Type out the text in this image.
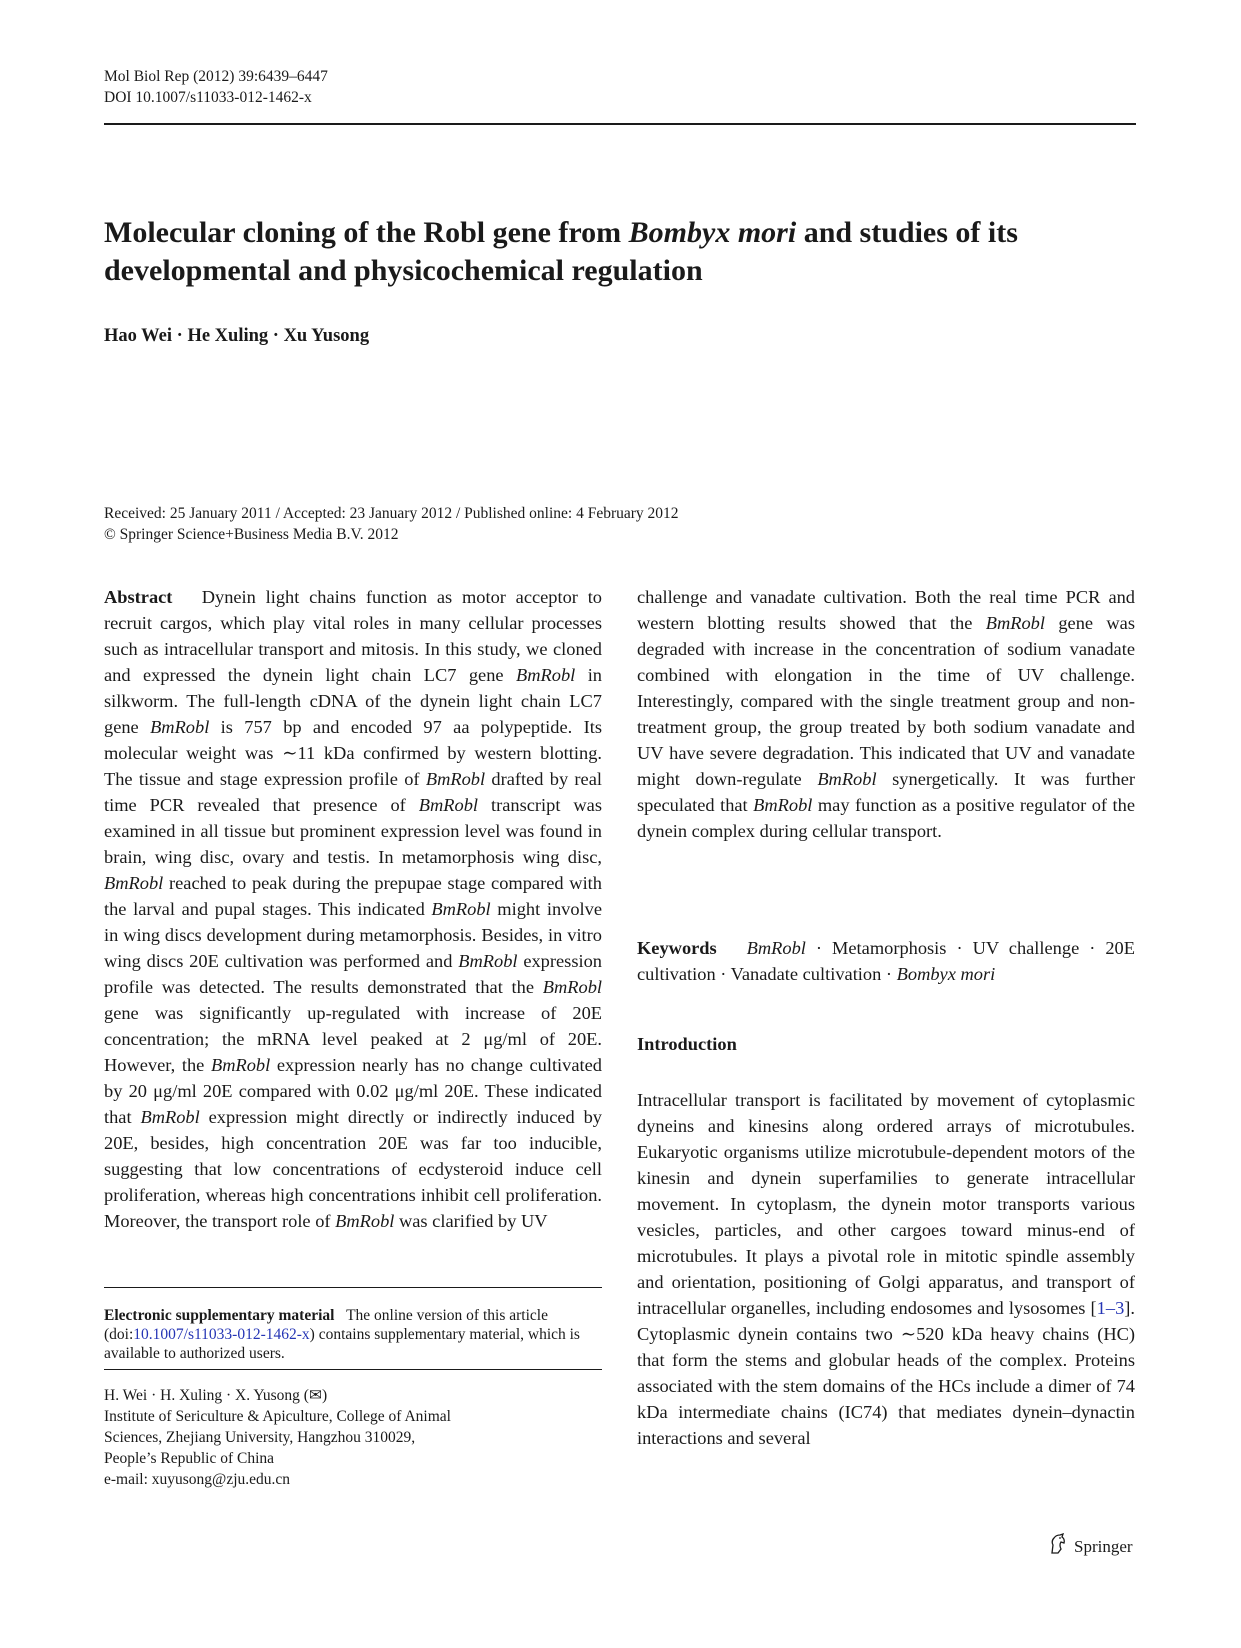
Mol Biol Rep (2012) 39:6439–6447
DOI 10.1007/s11033-012-1462-x
Molecular cloning of the Robl gene from Bombyx mori and studies of its developmental and physicochemical regulation
Hao Wei · He Xuling · Xu Yusong
Received: 25 January 2011 / Accepted: 23 January 2012 / Published online: 4 February 2012
© Springer Science+Business Media B.V. 2012

Abstract Dynein light chains function as motor acceptor to recruit cargos, which play vital roles in many cellular processes such as intracellular transport and mitosis. In this study, we cloned and expressed the dynein light chain LC7 gene BmRobl in silkworm. The full-length cDNA of the dynein light chain LC7 gene BmRobl is 757 bp and encoded 97 aa polypeptide. Its molecular weight was ∼11 kDa confirmed by western blotting. The tissue and stage expression profile of BmRobl drafted by real time PCR revealed that presence of BmRobl transcript was examined in all tissue but prominent expression level was found in brain, wing disc, ovary and testis. In metamorphosis wing disc, BmRobl reached to peak during the prepupae stage compared with the larval and pupal stages. This indicated BmRobl might involve in wing discs development during metamorphosis. Besides, in vitro wing discs 20E cultivation was performed and BmRobl expression profile was detected. The results demonstrated that the BmRobl gene was significantly up-regulated with increase of 20E concentration; the mRNA level peaked at 2 μg/ml of 20E. However, the BmRobl expression nearly has no change cultivated by 20 μg/ml 20E compared with 0.02 μg/ml 20E. These indicated that BmRobl expression might directly or indirectly induced by 20E, besides, high concentration 20E was far too inducible, suggesting that low concentrations of ecdysteroid induce cell proliferation, whereas high concentrations inhibit cell proliferation. Moreover, the transport role of BmRobl was clarified by UV

Electronic supplementary material The online version of this article (doi:10.1007/s11033-012-1462-x) contains supplementary material, which is available to authorized users.
H. Wei · H. Xuling · X. Yusong (✉)
Institute of Sericulture & Apiculture, College of Animal
Sciences, Zhejiang University, Hangzhou 310029,
People’s Republic of China
e-mail: xuyusong@zju.edu.cn

challenge and vanadate cultivation. Both the real time PCR and western blotting results showed that the BmRobl gene was degraded with increase in the concentration of sodium vanadate combined with elongation in the time of UV challenge. Interestingly, compared with the single treatment group and non-treatment group, the group treated by both sodium vanadate and UV have severe degradation. This indicated that UV and vanadate might down-regulate BmRobl synergetically. It was further speculated that BmRobl may function as a positive regulator of the dynein complex during cellular transport.

Keywords BmRobl · Metamorphosis · UV challenge · 20E cultivation · Vanadate cultivation · Bombyx mori
Introduction
Intracellular transport is facilitated by movement of cytoplasmic dyneins and kinesins along ordered arrays of microtubules. Eukaryotic organisms utilize microtubule-dependent motors of the kinesin and dynein superfamilies to generate intracellular movement. In cytoplasm, the dynein motor transports various vesicles, particles, and other cargoes toward minus-end of microtubules. It plays a pivotal role in mitotic spindle assembly and orientation, positioning of Golgi apparatus, and transport of intracellular organelles, including endosomes and lysosomes [1–3]. Cytoplasmic dynein contains two ∼520 kDa heavy chains (HC) that form the stems and globular heads of the complex. Proteins associated with the stem domains of the HCs include a dimer of 74 kDa intermediate chains (IC74) that mediates dynein–dynactin interactions and several
Springer
